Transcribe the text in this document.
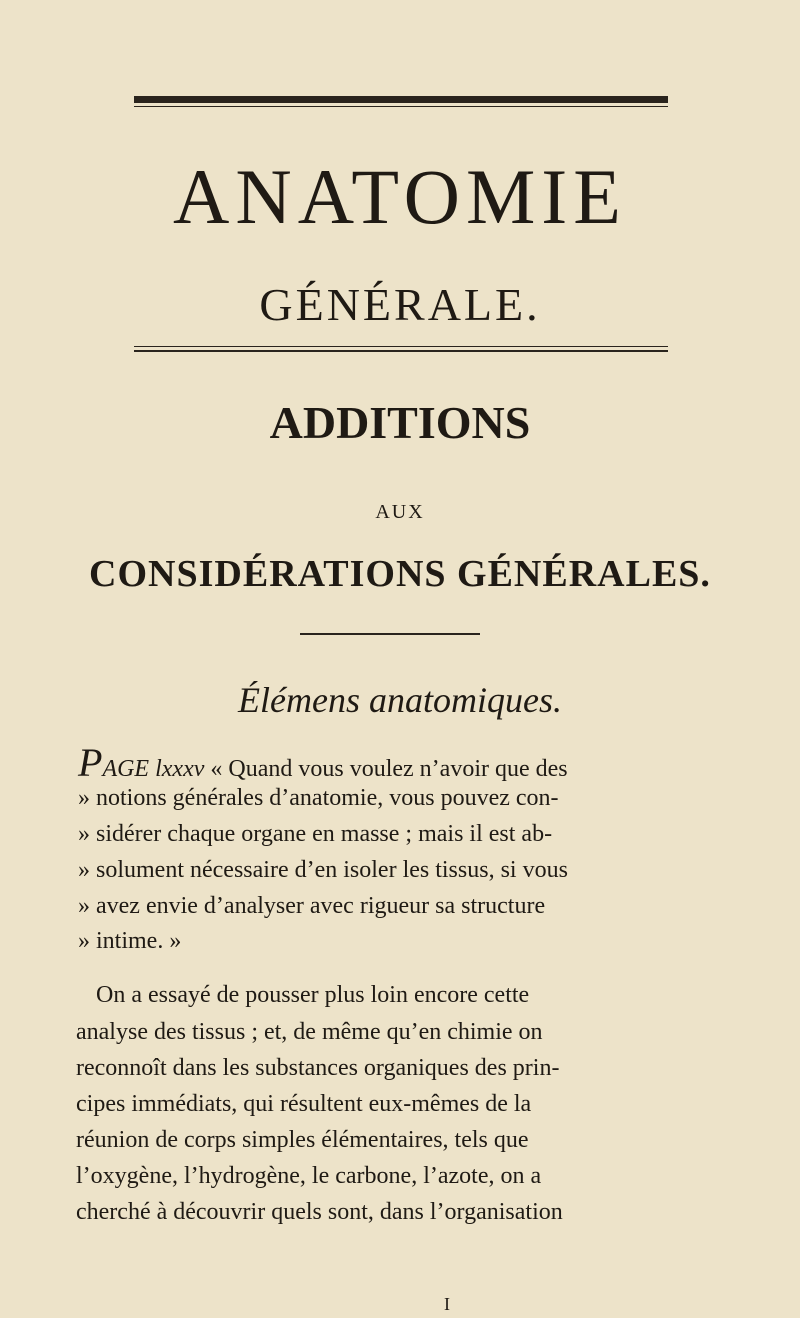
ANATOMIE
GÉNÉRALE.
ADDITIONS
AUX
CONSIDÉRATIONS GÉNÉRALES.
Élémens anatomiques.
PAGE lxxxv « Quand vous voulez n’avoir que des
» notions générales d’anatomie, vous pouvez con-
» sidérer chaque organe en masse ; mais il est ab-
» solument nécessaire d’en isoler les tissus, si vous
» avez envie d’analyser avec rigueur sa structure
» intime. »
On a essayé de pousser plus loin encore cette
analyse des tissus ; et, de même qu’en chimie on
reconnoît dans les substances organiques des prin-
cipes immédiats, qui résultent eux-mêmes de la
réunion de corps simples élémentaires, tels que
l’oxygène, l’hydrogène, le carbone, l’azote, on a
cherché à découvrir quels sont, dans l’organisation
I
